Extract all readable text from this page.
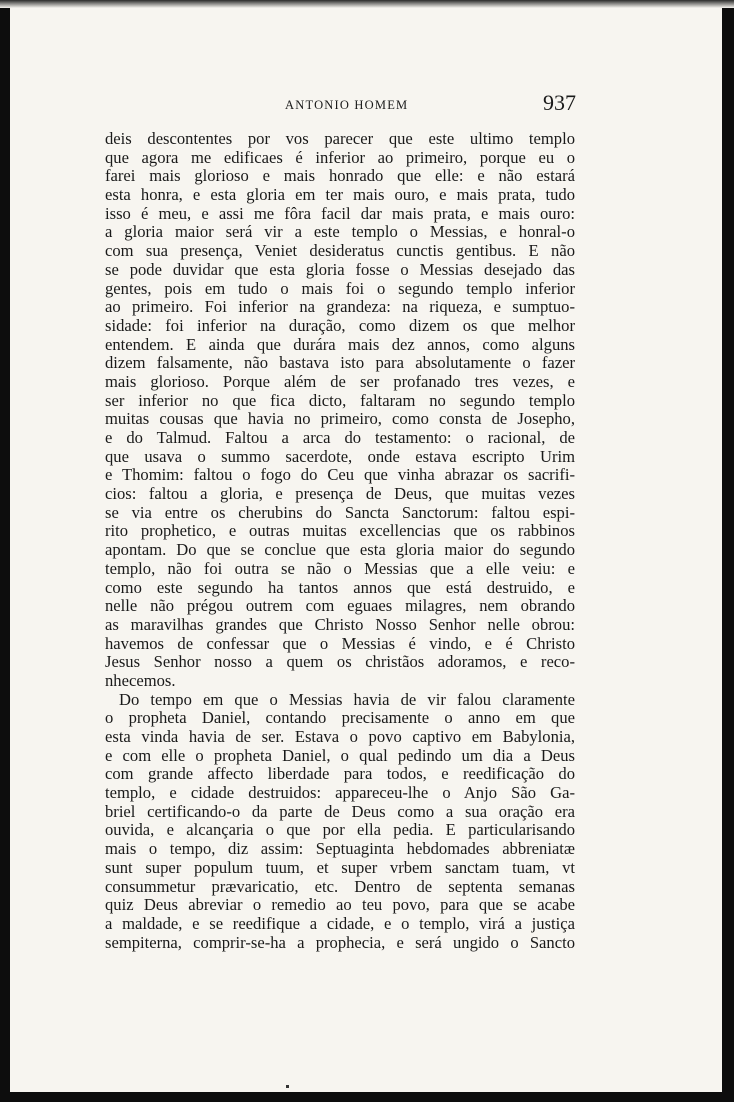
ANTONIO HOMEM	937
deis descontentes por vos parecer que este ultimo templo
que agora me edificaes é inferior ao primeiro, porque eu o
farei mais glorioso e mais honrado que elle: e não estará
esta honra, e esta gloria em ter mais ouro, e mais prata, tudo
isso é meu, e assi me fôra facil dar mais prata, e mais ouro:
a gloria maior será vir a este templo o Messias, e honral-o
com sua presença, Veniet desideratus cunctis gentibus. E não
se pode duvidar que esta gloria fosse o Messias desejado das
gentes, pois em tudo o mais foi o segundo templo inferior
ao primeiro. Foi inferior na grandeza: na riqueza, e sumptuo-
sidade: foi inferior na duração, como dizem os que melhor
entendem. E ainda que durára mais dez annos, como alguns
dizem falsamente, não bastava isto para absolutamente o fazer
mais glorioso. Porque além de ser profanado tres vezes, e
ser inferior no que fica dicto, faltaram no segundo templo
muitas cousas que havia no primeiro, como consta de Josepho,
e do Talmud. Faltou a arca do testamento: o racional, de
que usava o summo sacerdote, onde estava escripto Urim
e Thomim: faltou o fogo do Ceu que vinha abrazar os sacrifi-
cios: faltou a gloria, e presença de Deus, que muitas vezes
se via entre os cherubins do Sancta Sanctorum: faltou espi-
rito prophetico, e outras muitas excellencias que os rabbinos
apontam. Do que se conclue que esta gloria maior do segundo
templo, não foi outra se não o Messias que a elle veiu: e
como este segundo ha tantos annos que está destruido, e
nelle não prégou outrem com eguaes milagres, nem obrando
as maravilhas grandes que Christo Nosso Senhor nelle obrou:
havemos de confessar que o Messias é vindo, e é Christo
Jesus Senhor nosso a quem os christãos adoramos, e reco-
nhecemos.
Do tempo em que o Messias havia de vir falou claramente
o propheta Daniel, contando precisamente o anno em que
esta vinda havia de ser. Estava o povo captivo em Babylonia,
e com elle o propheta Daniel, o qual pedindo um dia a Deus
com grande affecto liberdade para todos, e reedificação do
templo, e cidade destruidos: appareceu-lhe o Anjo São Ga-
briel certificando-o da parte de Deus como a sua oração era
ouvida, e alcançaria o que por ella pedia. E particularisando
mais o tempo, diz assim: Septuaginta hebdomades abbreniatæ
sunt super populum tuum, et super vrbem sanctam tuam, vt
consummetur prævaricatio, etc. Dentro de septenta semanas
quiz Deus abreviar o remedio ao teu povo, para que se acabe
a maldade, e se reedifique a cidade, e o templo, virá a justiça
sempiterna, comprir-se-ha a prophecia, e será ungido o Sancto
